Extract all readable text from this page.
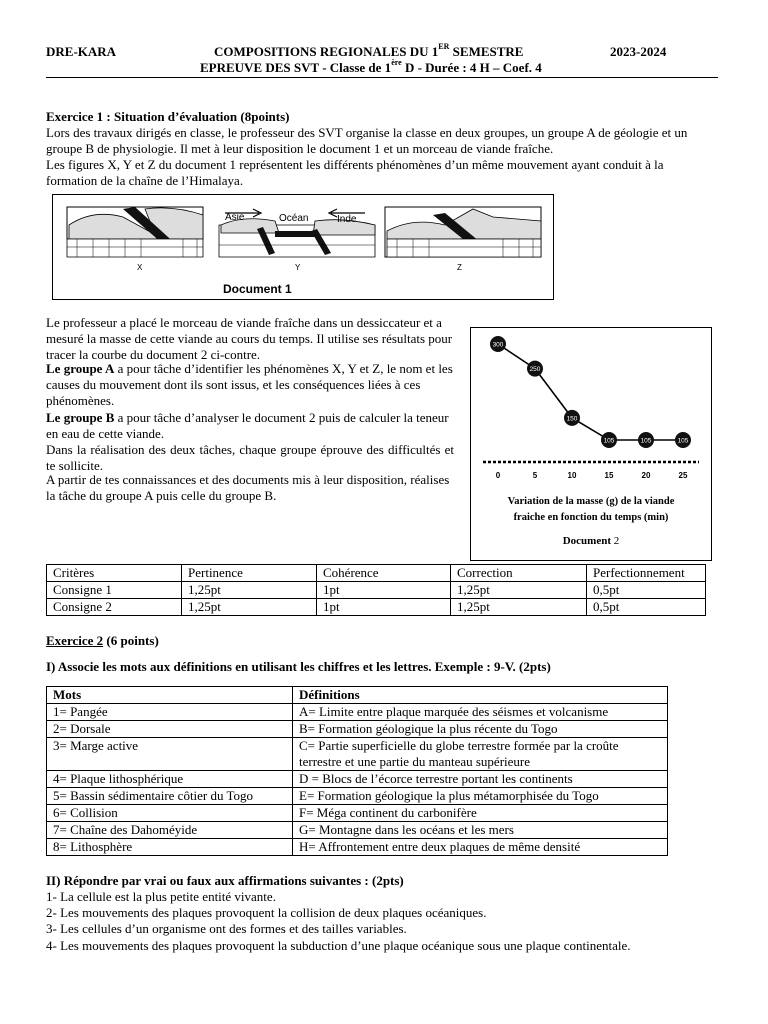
DRE-KARA	COMPOSITIONS REGIONALES DU 1ER SEMESTRE	2023-2024
EPREUVE DES SVT - Classe de 1ère D - Durée : 4 H – Coef. 4
Exercice 1 : Situation d’évaluation (8points)
Lors des travaux dirigés en classe, le professeur des SVT organise la classe en deux groupes, un groupe A de géologie et un groupe B de physiologie. Il met à leur disposition le document 1 et un morceau de viande fraîche.
Les figures X, Y et Z du document 1 représentent les différents phénomènes d’un même mouvement ayant conduit à la formation de la chaîne de l’Himalaya.
X	Y	Z
Asie	Océan	Inde
Document 1
Le professeur a placé le morceau de viande fraîche dans un dessiccateur et a mesuré la masse de cette viande au cours du temps. Il utilise ses résultats pour tracer la courbe du document 2 ci-contre.
Le groupe A a pour tâche d’identifier les phénomènes X, Y et Z, le nom et les causes du mouvement dont ils sont issus, et les conséquences liées à ces phénomènes.
Le groupe B a pour tâche d’analyser le document 2 puis de calculer la teneur en eau de cette viande.
Dans la réalisation des deux tâches, chaque groupe éprouve des difficultés et te sollicite.
A partir de tes connaissances et des documents mis à leur disposition, réalises la tâche du groupe A puis celle du groupe B.
300
250
150
105	105	105
0	5	10	15	20	25
Variation de la masse (g) de la viande
fraiche en fonction du temps (min)
Document 2
Critères	Pertinence	Cohérence	Correction	Perfectionnement
Consigne 1	1,25pt	1pt	1,25pt	0,5pt
Consigne 2	1,25pt	1pt	1,25pt	0,5pt
Exercice 2 (6 points)
I) Associe les mots aux définitions en utilisant les chiffres et les lettres. Exemple : 9-V. (2pts)
Mots	Définitions
1= Pangée	A= Limite entre plaque marquée des séismes et volcanisme
2= Dorsale	B= Formation géologique la plus récente du Togo
3= Marge active	C= Partie superficielle du globe terrestre formée par la croûte terrestre et une partie du manteau supérieure
4= Plaque lithosphérique	D = Blocs de l’écorce terrestre portant les continents
5= Bassin sédimentaire côtier du Togo	E= Formation géologique la plus métamorphisée du Togo
6= Collision	F= Méga continent du carbonifère
7= Chaîne des Dahoméyide	G= Montagne dans les océans et les mers
8= Lithosphère	H= Affrontement entre deux plaques de même densité
II) Répondre par vrai ou faux aux affirmations suivantes : (2pts)
1- La cellule est la plus petite entité vivante.
2- Les mouvements des plaques provoquent la collision de deux plaques océaniques.
3- Les cellules d’un organisme ont des formes et des tailles variables.
4- Les mouvements des plaques provoquent la subduction d’une plaque océanique sous une plaque continentale.
